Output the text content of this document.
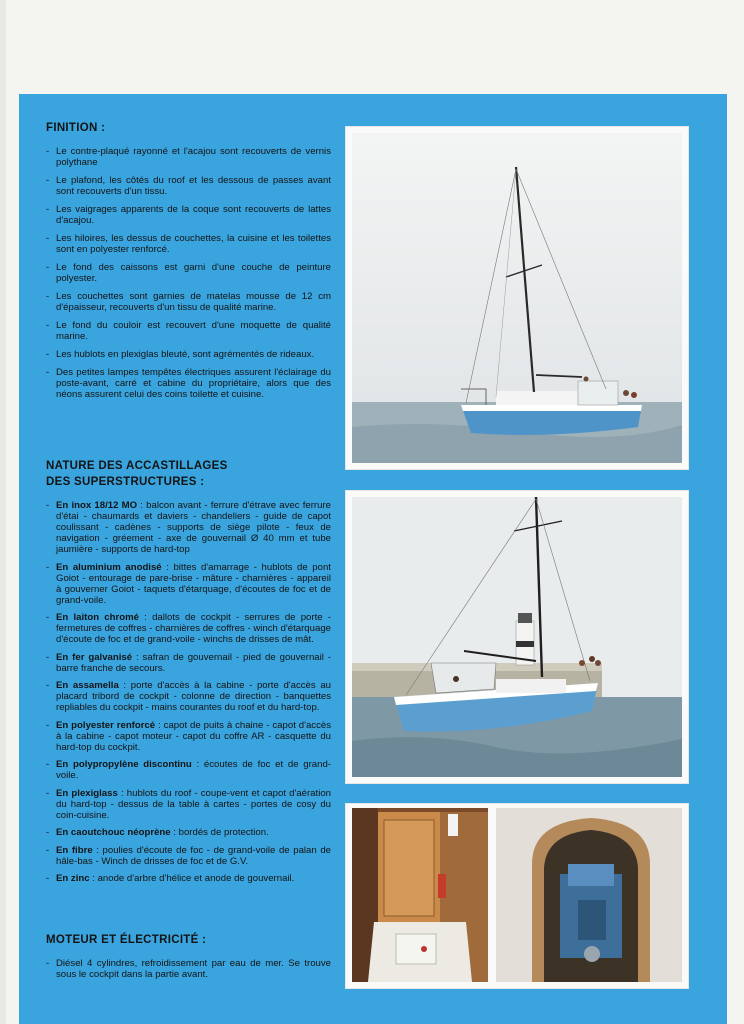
FINITION :
- Le contre-plaqué rayonné et l'acajou sont recouverts de vernis polythane
- Le plafond, les côtés du roof et les dessous de passes avant sont recouverts d'un tissu.
- Les vaigrages apparents de la coque sont recouverts de lattes d'acajou.
- Les hiloires, les dessus de couchettes, la cuisine et les toilettes sont en polyester renforcé.
- Le fond des caissons est garni d'une couche de peinture polyester.
- Les couchettes sont garnies de matelas mousse de 12 cm d'épaisseur, recouverts d'un tissu de qualité marine.
- Le fond du couloir est recouvert d'une moquette de qualité marine.
- Les hublots en plexiglas bleuté, sont agrémentés de rideaux.
- Des petites lampes tempêtes électriques assurent l'éclairage du poste-avant, carré et cabine du propriétaire, alors que des néons assurent celui des coins toilette et cuisine.
NATURE DES ACCASTILLAGES
DES SUPERSTRUCTURES :
- En inox 18/12 MO : balcon avant - ferrure d'étrave avec ferrure d'étai - chaumards et daviers - chandeliers - guide de capot coulissant - cadènes - supports de siège pilote - feux de navigation - gréement - axe de gouvernail Ø 40 mm et tube jaumière - supports de hard-top
- En aluminium anodisé : bittes d'amarrage - hublots de pont Goiot - entourage de pare-brise - mâture - charnières - appareil à gouverner Goiot - taquets d'étarquage, d'écoutes de foc et de grand-voile.
- En laiton chromé : dallots de cockpit - serrures de porte - fermetures de coffres - charnières de coffres - winch d'étarquage d'écoute de foc et de grand-voile - winchs de drisses de mât.
- En fer galvanisé : safran de gouvernail - pied de gouvernail - barre franche de secours.
- En assamella : porte d'accès à la cabine - porte d'accès au placard tribord de cockpit - colonne de direction - banquettes repliables du cockpit - mains courantes du roof et du hard-top.
- En polyester renforcé : capot de puits à chaine - capot d'accès à la cabine - capot moteur - capot du coffre AR - casquette du hard-top du cockpit.
- En polypropylène discontinu : écoutes de foc et de grand-voile.
- En plexiglass : hublots du roof - coupe-vent et capot d'aération du hard-top - dessus de la table à cartes - portes de cosy du coin-cuisine.
- En caoutchouc néoprène : bordés de protection.
- En fibre : poulies d'écoute de foc - de grand-voile de palan de hâle-bas - Winch de drisses de foc et de G.V.
- En zinc : anode d'arbre d'hélice et anode de gouvernail.
MOTEUR ET ÉLECTRICITÉ :
- Diésel 4 cylindres, refroidissement par eau de mer. Se trouve sous le cockpit dans la partie avant.
